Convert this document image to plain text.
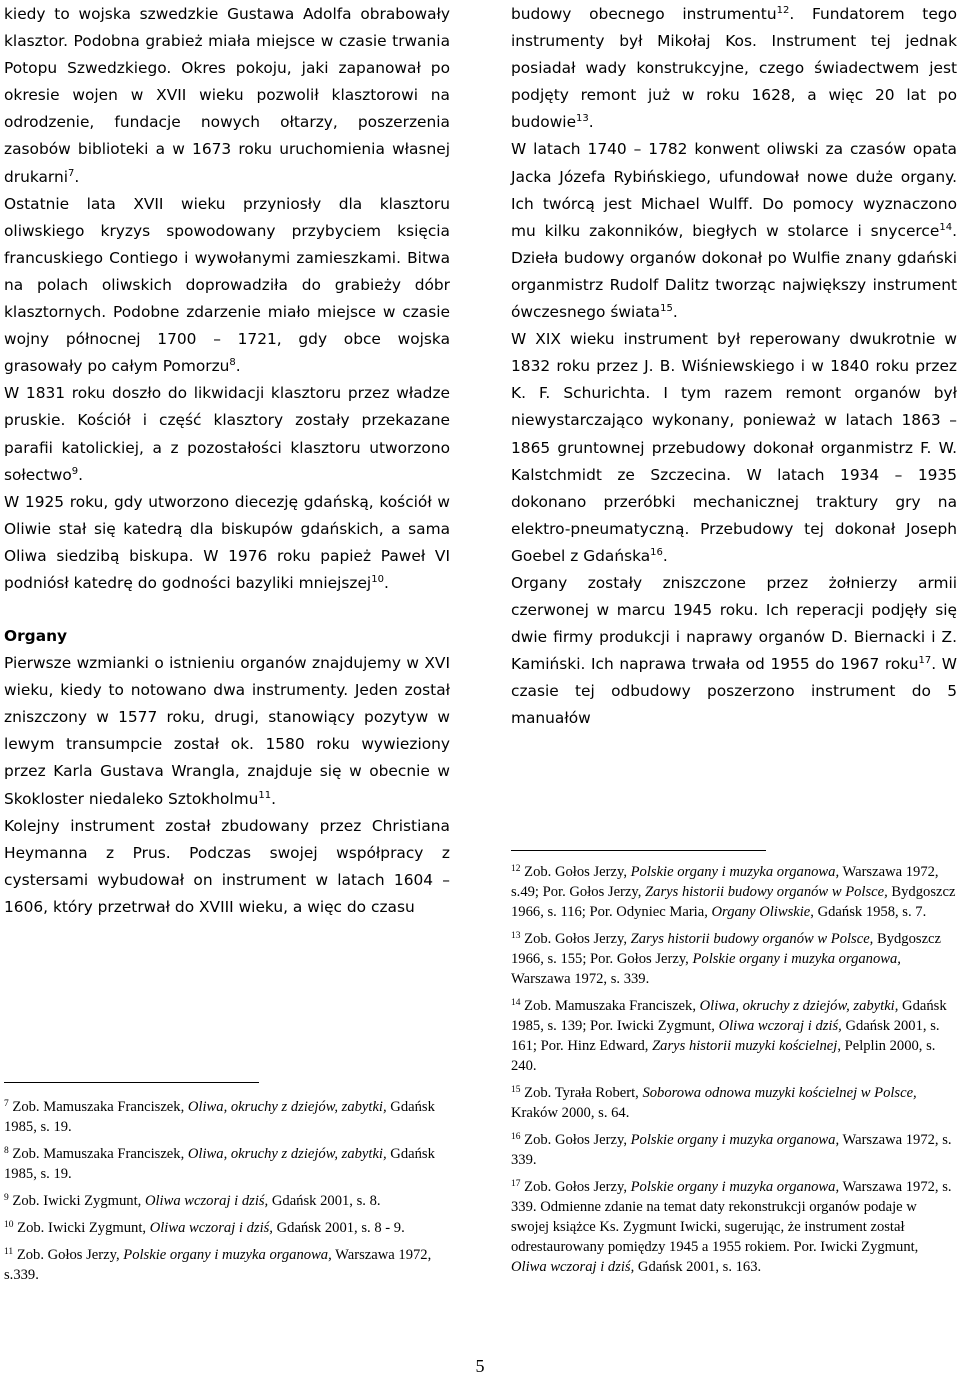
kiedy to wojska szwedzkie Gustawa Adolfa obrabowały klasztor. Podobna grabież miała miejsce w czasie trwania Potopu Szwedzkiego. Okres pokoju, jaki zapanował po okresie wojen w XVII wieku pozwolił klasztorowi na odrodzenie, fundacje nowych ołtarzy, poszerzenia zasobów biblioteki a w 1673 roku uruchomienia własnej drukarni$^7$.

Ostatnie lata XVII wieku przyniosły dla klasztoru oliwskiego kryzys spowodowany przybyciem księcia francuskiego Contiego i wywołanymi zamieszkami. Bitwa na polach oliwskich doprowadziła do grabieży dóbr klasztornych. Podobne zdarzenie miało miejsce w czasie wojny północnej 1700 – 1721, gdy obce wojska grasowały po całym Pomorzu$^8$.

W 1831 roku doszło do likwidacji klasztoru przez władze pruskie. Kościół i część klasztory zostały przekazane parafii katolickiej, a z pozostałości klasztoru utworzono sołectwo$^9$.

W 1925 roku, gdy utworzono diecezję gdańską, kościół w Oliwie stał się katedrą dla biskupów gdańskich, a sama Oliwa siedzibą biskupa. W 1976 roku papież Paweł VI podniósł katedrę do godności bazyliki mniejszej$^{10}$.

Organy

Pierwsze wzmianki o istnieniu organów znajdujemy w XVI wieku, kiedy to notowano dwa instrumenty. Jeden został zniszczony w 1577 roku, drugi, stanowiący pozytyw w lewym transumpcie został ok. 1580 roku wywieziony przez Karla Gustava Wrangla, znajduje się w obecnie w Skokloster niedaleko Sztokholmu$^{11}$.

Kolejny instrument został zbudowany przez Christiana Heymanna z Prus. Podczas swojej współpracy z cystersami wybudował on instrument w latach 1604 – 1606, który przetrwał do XVIII wieku, a więc do czasu

$^7$ Zob. Mamuszaka Franciszek, Oliwa, okruchy z dziejów, zabytki, Gdańsk 1985, s. 19.

$^8$ Zob. Mamuszaka Franciszek, Oliwa, okruchy z dziejów, zabytki, Gdańsk 1985, s. 19.

$^9$ Zob. Iwicki Zygmunt, Oliwa wczoraj i dziś, Gdańsk 2001, s. 8.

$^{10}$ Zob. Iwicki Zygmunt, Oliwa wczoraj i dziś, Gdańsk 2001, s. 8 - 9.

$^{11}$ Zob. Gołos Jerzy, Polskie organy i muzyka organowa, Warszawa 1972, s.339.

budowy obecnego instrumentu$^{12}$. Fundatorem tego instrumenty był Mikołaj Kos. Instrument tej jednak posiadał wady konstrukcyjne, czego świadectwem jest podjęty remont już w roku 1628, a więc 20 lat po budowie$^{13}$.

W latach 1740 – 1782 konwent oliwski za czasów opata Jacka Józefa Rybińskiego, ufundował nowe duże organy. Ich twórcą jest Michael Wulff. Do pomocy wyznaczono mu kilku zakonników, biegłych w stolarce i snycerce$^{14}$. Dzieła budowy organów dokonał po Wulfie znany gdański organmistrz Rudolf Dalitz tworząc największy instrument ówczesnego świata$^{15}$.

W XIX wieku instrument był reperowany dwukrotnie w 1832 roku przez J. B. Wiśniewskiego i w 1840 roku przez K. F. Schurichta. I tym razem remont organów był niewystarczająco wykonany, ponieważ w latach 1863 – 1865 gruntownej przebudowy dokonał organmistrz F. W. Kalstchmidt ze Szczecina. W latach 1934 – 1935 dokonano przeróbki mechanicznej traktury gry na elektro-pneumatyczną. Przebudowy tej dokonał Joseph Goebel z Gdańska$^{16}$.

Organy zostały zniszczone przez żołnierzy armii czerwonej w marcu 1945 roku. Ich reperacji podjęły się dwie firmy produkcji i naprawy organów D. Biernacki i Z. Kamiński. Ich naprawa trwała od 1955 do 1967 roku$^{17}$. W czasie tej odbudowy poszerzono instrument do 5 manuałów

$^{12}$ Zob. Gołos Jerzy, Polskie organy i muzyka organowa, Warszawa 1972, s.49; Por. Gołos Jerzy, Zarys historii budowy organów w Polsce, Bydgoszcz 1966, s. 116; Por. Odyniec Maria, Organy Oliwskie, Gdańsk 1958, s. 7.

$^{13}$ Zob. Gołos Jerzy, Zarys historii budowy organów w Polsce, Bydgoszcz 1966, s. 155; Por. Gołos Jerzy, Polskie organy i muzyka organowa, Warszawa 1972, s. 339.

$^{14}$ Zob. Mamuszaka Franciszek, Oliwa, okruchy z dziejów, zabytki, Gdańsk 1985, s. 139; Por. Iwicki Zygmunt, Oliwa wczoraj i dziś, Gdańsk 2001, s. 161; Por. Hinz Edward, Zarys historii muzyki kościelnej, Pelplin 2000, s. 240.

$^{15}$ Zob. Tyrała Robert, Soborowa odnowa muzyki kościelnej w Polsce, Kraków 2000, s. 64.

$^{16}$ Zob. Gołos Jerzy, Polskie organy i muzyka organowa, Warszawa 1972, s. 339.

$^{17}$ Zob. Gołos Jerzy, Polskie organy i muzyka organowa, Warszawa 1972, s. 339. Odmienne zdanie na temat daty rekonstrukcji organów podaje w swojej książce Ks. Zygmunt Iwicki, sugerując, że instrument został odrestaurowany pomiędzy 1945 a 1955 rokiem. Por. Iwicki Zygmunt, Oliwa wczoraj i dziś, Gdańsk 2001, s. 163.

5
